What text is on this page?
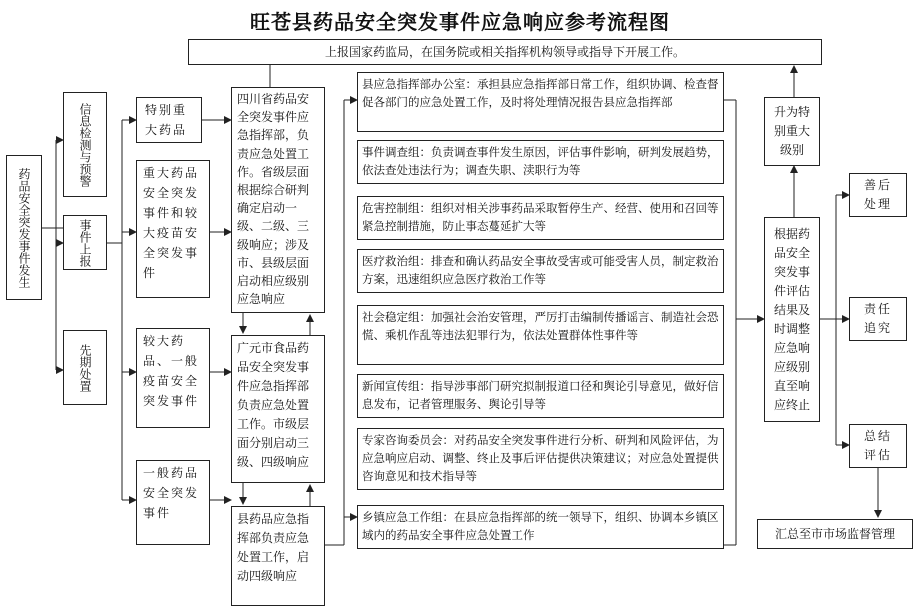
旺苍县药品安全突发事件应急响应参考流程图
上报国家药监局，在国务院或相关指挥机构领导或指导下开展工作。
药品安全突发事件发生
信息检测与预警
事件上报
先期处置
特别重大药品
重大药品安全突发事件和较大疫苗安全突发事件
较大药品、一般疫苗安全突发事件
一般药品安全突发事件
四川省药品安全突发事件应急指挥部，负责应急处置工作。省级层面根据综合研判确定启动一级、二级、三级响应；涉及市、县级层面启动相应级别应急响应
广元市食品药品安全突发事件应急指挥部负责应急处置工作。市级层面分别启动三级、四级响应
县药品应急指挥部负责应急处置工作，启动四级响应
县应急指挥部办公室：承担县应急指挥部日常工作，组织协调、检查督促各部门的应急处置工作，及时将处理情况报告县应急指挥部
事件调查组：负责调查事件发生原因，评估事件影响，研判发展趋势，依法查处违法行为；调查失职、渎职行为等
危害控制组：组织对相关涉事药品采取暂停生产、经营、使用和召回等紧急控制措施，防止事态蔓延扩大等
医疗救治组：排查和确认药品安全事故受害或可能受害人员，制定救治方案，迅速组织应急医疗救治工作等
社会稳定组：加强社会治安管理，严厉打击编制传播谣言、制造社会恐慌、乘机作乱等违法犯罪行为，依法处置群体性事件等
新闻宣传组：指导涉事部门研究拟制报道口径和舆论引导意见，做好信息发布，记者管理服务、舆论引导等
专家咨询委员会：对药品安全突发事件进行分析、研判和风险评估，为应急响应启动、调整、终止及事后评估提供决策建议；对应急处置提供咨询意见和技术指导等
乡镇应急工作组：在县应急指挥部的统一领导下，组织、协调本乡镇区域内的药品安全事件应急处置工作
升为特别重大级别
根据药品安全突发事件评估结果及时调整应急响应级别直至响应终止
善后处理
责任追究
总结评估
汇总至市市场监督管理
